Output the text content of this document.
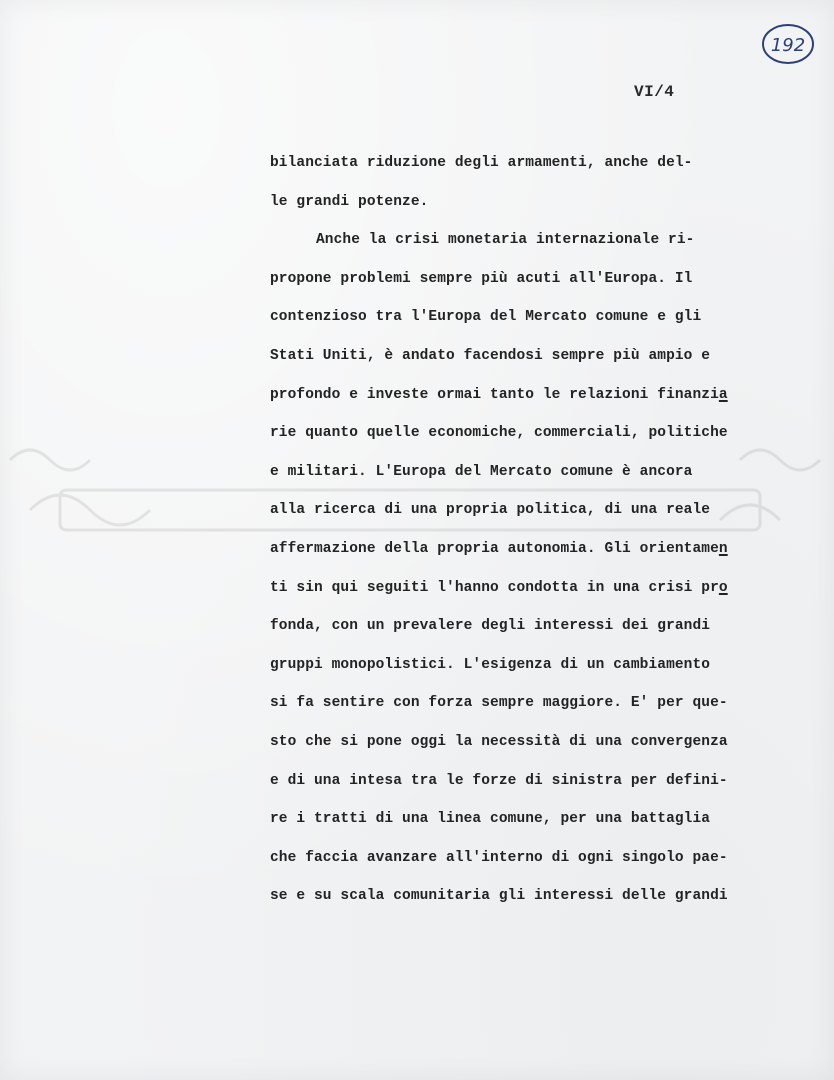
192
VI/4
bilanciata riduzione degli armamenti, anche del-
le grandi potenze.
Anche la crisi monetaria internazionale ri-
propone problemi sempre più acuti all'Europa. Il
contenzioso tra l'Europa del Mercato comune e gli
Stati Uniti, è andato facendosi sempre più ampio e
profondo e investe ormai tanto le relazioni finanzia
rie quanto quelle economiche, commerciali, politiche
e militari. L'Europa del Mercato comune è ancora
alla ricerca di una propria politica, di una reale
affermazione della propria autonomia. Gli orientamen
ti sin qui seguiti l'hanno condotta in una crisi pro
fonda, con un prevalere degli interessi dei grandi
gruppi monopolistici. L'esigenza di un cambiamento
si fa sentire con forza sempre maggiore. E' per que-
sto che si pone oggi la necessità di una convergenza
e di una intesa tra le forze di sinistra per defini-
re i tratti di una linea comune, per una battaglia
che faccia avanzare all'interno di ogni singolo pae-
se e su scala comunitaria gli interessi delle grandi
